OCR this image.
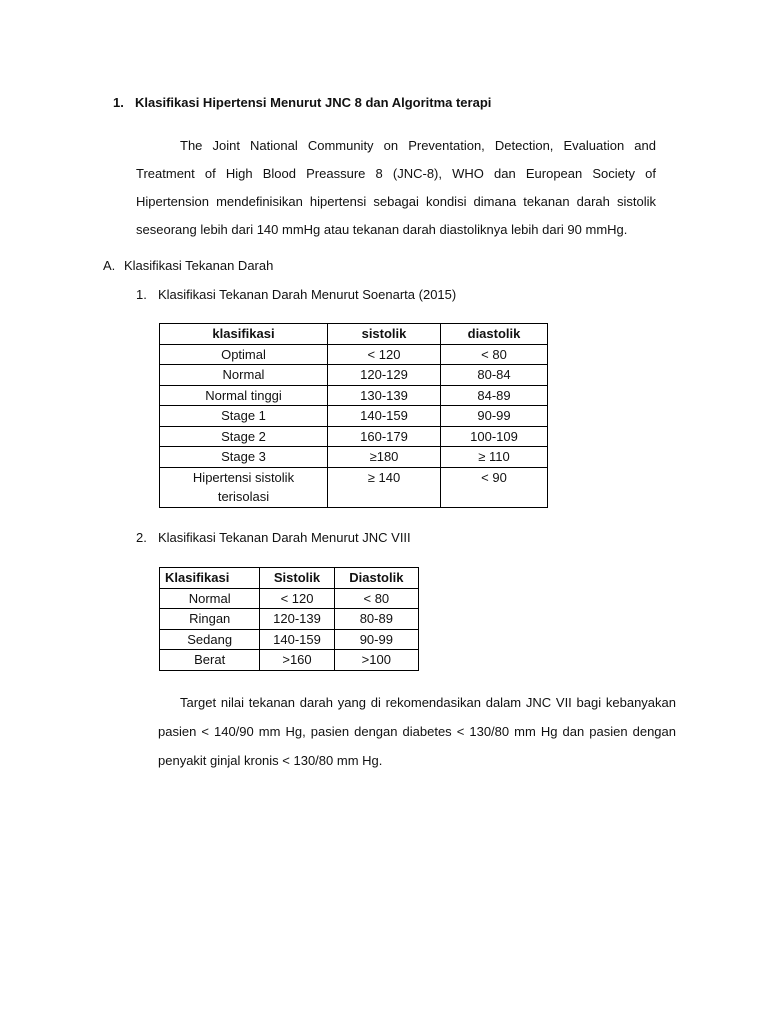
1. Klasifikasi Hipertensi Menurut JNC 8 dan Algoritma terapi

The Joint National Community on Preventation, Detection, Evaluation and Treatment of High Blood Preassure 8 (JNC-8), WHO dan European Society of Hipertension mendefinisikan hipertensi sebagai kondisi dimana tekanan darah sistolik seseorang lebih dari 140 mmHg atau tekanan darah diastoliknya lebih dari 90 mmHg.

A. Klasifikasi Tekanan Darah
1. Klasifikasi Tekanan Darah Menurut Soenarta (2015)
klasifikasi	sistolik	diastolik
Optimal	< 120	< 80
Normal	120-129	80-84
Normal tinggi	130-139	84-89
Stage 1	140-159	90-99
Stage 2	160-179	100-109
Stage 3	≥180	≥ 110
Hipertensi sistolik terisolasi	≥ 140	< 90
2. Klasifikasi Tekanan Darah Menurut JNC VIII
Klasifikasi	Sistolik	Diastolik
Normal	< 120	< 80
Ringan	120-139	80-89
Sedang	140-159	90-99
Berat	>160	>100

Target nilai tekanan darah yang di rekomendasikan dalam JNC VII bagi kebanyakan pasien < 140/90 mm Hg, pasien dengan diabetes < 130/80 mm Hg dan pasien dengan penyakit ginjal kronis < 130/80 mm Hg.
